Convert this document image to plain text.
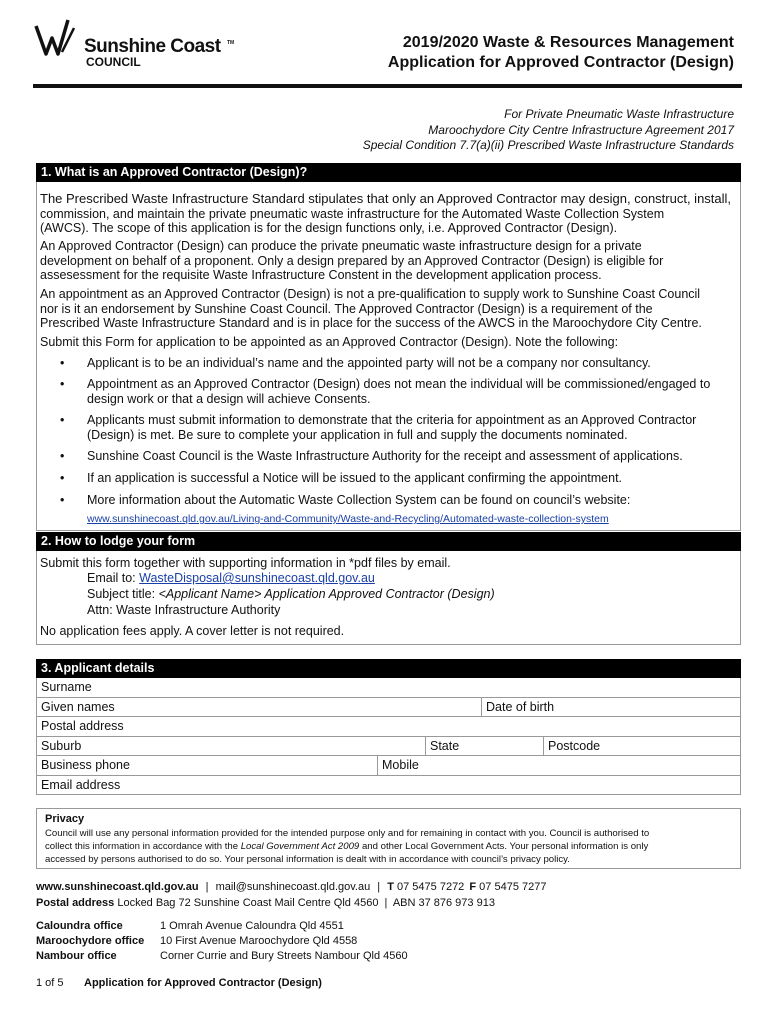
Sunshine Coast TM
COUNCIL
2019/2020 Waste & Resources Management
Application for Approved Contractor (Design)
For Private Pneumatic Waste Infrastructure
Maroochydore City Centre Infrastructure Agreement 2017
Special Condition 7.7(a)(ii) Prescribed Waste Infrastructure Standards
1. What is an Approved Contractor (Design)?
The Prescribed Waste Infrastructure Standard stipulates that only an Approved Contractor may design, construct, install,
commission, and maintain the private pneumatic waste infrastructure for the Automated Waste Collection System
(AWCS). The scope of this application is for the design functions only, i.e. Approved Contractor (Design).
An Approved Contractor (Design) can produce the private pneumatic waste infrastructure design for a private
development on behalf of a proponent. Only a design prepared by an Approved Contractor (Design) is eligible for
assesessment for the requisite Waste Infrastructure Constent in the development application process.
An appointment as an Approved Contractor (Design) is not a pre-qualification to supply work to Sunshine Coast Council
nor is it an endorsement by Sunshine Coast Council. The Approved Contractor (Design) is a requirement of the
Prescribed Waste Infrastructure Standard and is in place for the success of the AWCS in the Maroochydore City Centre.
Submit this Form for application to be appointed as an Approved Contractor (Design). Note the following:
• Applicant is to be an individual’s name and the appointed party will not be a company nor consultancy.
• Appointment as an Approved Contractor (Design) does not mean the individual will be commissioned/engaged to
design work or that a design will achieve Consents.
• Applicants must submit information to demonstrate that the criteria for appointment as an Approved Contractor
(Design) is met. Be sure to complete your application in full and supply the documents nominated.
• Sunshine Coast Council is the Waste Infrastructure Authority for the receipt and assessment of applications.
• If an application is successful a Notice will be issued to the applicant confirming the appointment.
• More information about the Automatic Waste Collection System can be found on council’s website:
www.sunshinecoast.qld.gov.au/Living-and-Community/Waste-and-Recycling/Automated-waste-collection-system
2. How to lodge your form
Submit this form together with supporting information in *pdf files by email.
Email to: WasteDisposal@sunshinecoast.qld.gov.au
Subject title: <Applicant Name> Application Approved Contractor (Design)
Attn: Waste Infrastructure Authority
No application fees apply. A cover letter is not required.
3. Applicant details
Surname
Given names	Date of birth
Postal address
Suburb	State	Postcode
Business phone	Mobile
Email address
Privacy
Council will use any personal information provided for the intended purpose only and for remaining in contact with you. Council is authorised to
collect this information in accordance with the Local Government Act 2009 and other Local Government Acts. Your personal information is only
accessed by persons authorised to do so. Your personal information is dealt with in accordance with council’s privacy policy.
www.sunshinecoast.qld.gov.au | mail@sunshinecoast.qld.gov.au | T 07 5475 7272 F 07 5475 7277
Postal address Locked Bag 72 Sunshine Coast Mail Centre Qld 4560 | ABN 37 876 973 913
Caloundra office	1 Omrah Avenue Caloundra Qld 4551
Maroochydore office 10 First Avenue Maroochydore Qld 4558
Nambour office	Corner Currie and Bury Streets Nambour Qld 4560
1 of 5 Application for Approved Contractor (Design)
